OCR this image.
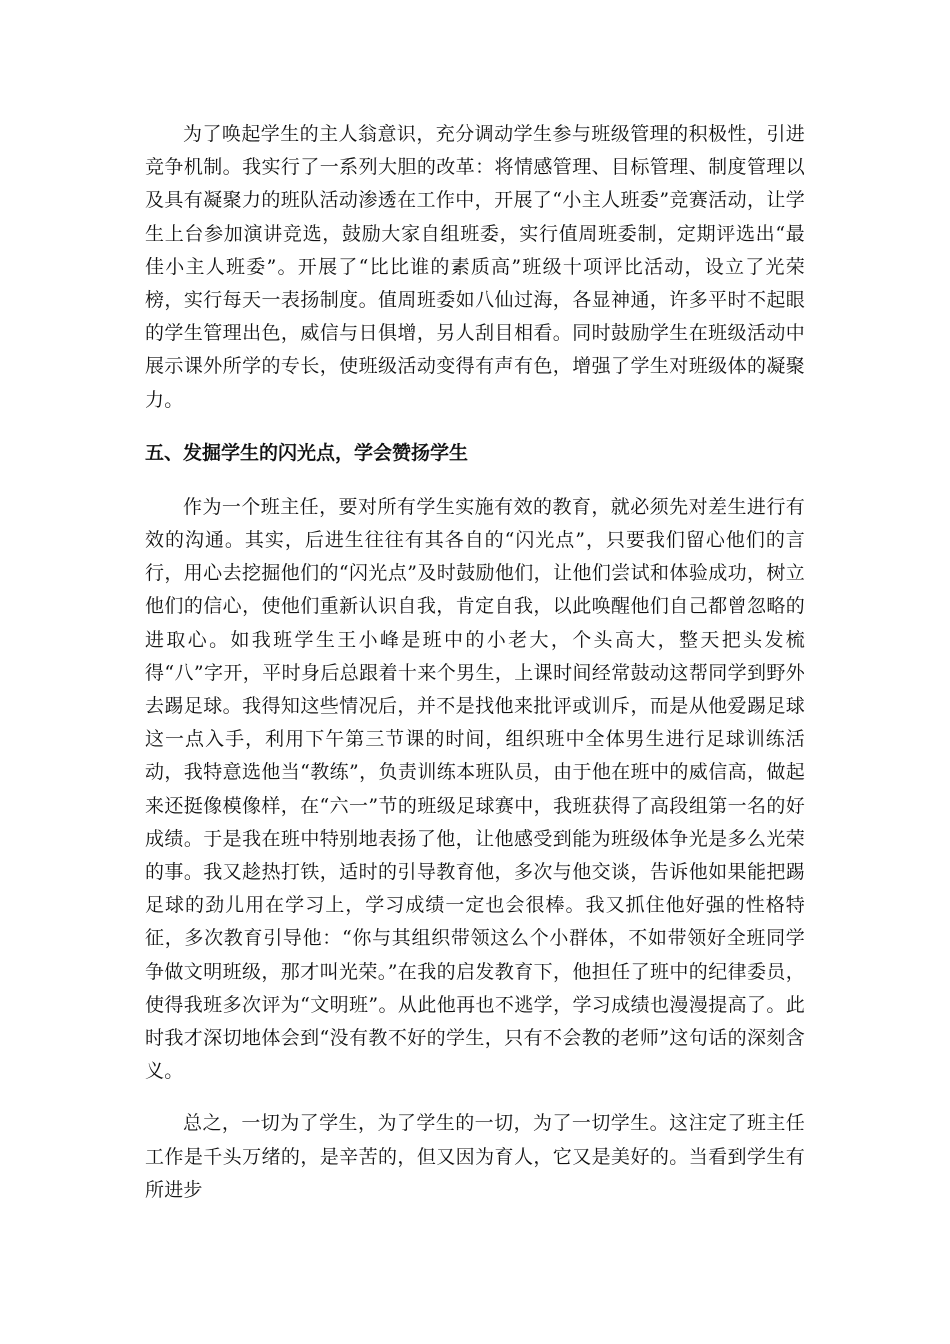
为了唤起学生的主人翁意识，充分调动学生参与班级管理的积极性，引进竞争机制。我实行了一系列大胆的改革：将情感管理、目标管理、制度管理以及具有凝聚力的班队活动渗透在工作中，开展了“小主人班委”竞赛活动，让学生上台参加演讲竞选，鼓励大家自组班委，实行值周班委制，定期评选出“最佳小主人班委”。开展了“比比谁的素质高”班级十项评比活动，设立了光荣榜，实行每天一表扬制度。值周班委如八仙过海，各显神通，许多平时不起眼的学生管理出色，威信与日俱增，另人刮目相看。同时鼓励学生在班级活动中展示课外所学的专长，使班级活动变得有声有色，增强了学生对班级体的凝聚力。

五、发掘学生的闪光点，学会赞扬学生

作为一个班主任，要对所有学生实施有效的教育，就必须先对差生进行有效的沟通。其实，后进生往往有其各自的“闪光点”，只要我们留心他们的言行，用心去挖掘他们的“闪光点”及时鼓励他们，让他们尝试和体验成功，树立他们的信心，使他们重新认识自我，肯定自我，以此唤醒他们自己都曾忽略的进取心。如我班学生王小峰是班中的小老大，个头高大，整天把头发梳得“八”字开，平时身后总跟着十来个男生，上课时间经常鼓动这帮同学到野外去踢足球。我得知这些情况后，并不是找他来批评或训斥，而是从他爱踢足球这一点入手，利用下午第三节课的时间，组织班中全体男生进行足球训练活动，我特意选他当“教练”，负责训练本班队员，由于他在班中的威信高，做起来还挺像模像样，在“六一”节的班级足球赛中，我班获得了高段组第一名的好成绩。于是我在班中特别地表扬了他，让他感受到能为班级体争光是多么光荣的事。我又趁热打铁，适时的引导教育他，多次与他交谈，告诉他如果能把踢足球的劲儿用在学习上，学习成绩一定也会很棒。我又抓住他好强的性格特征，多次教育引导他：“你与其组织带领这么个小群体，不如带领好全班同学争做文明班级，那才叫光荣。”在我的启发教育下，他担任了班中的纪律委员，使得我班多次评为“文明班”。从此他再也不逃学，学习成绩也漫漫提高了。此时我才深切地体会到“没有教不好的学生，只有不会教的老师”这句话的深刻含义。

总之，一切为了学生，为了学生的一切，为了一切学生。这注定了班主任工作是千头万绪的，是辛苦的，但又因为育人，它又是美好的。当看到学生有所进步
